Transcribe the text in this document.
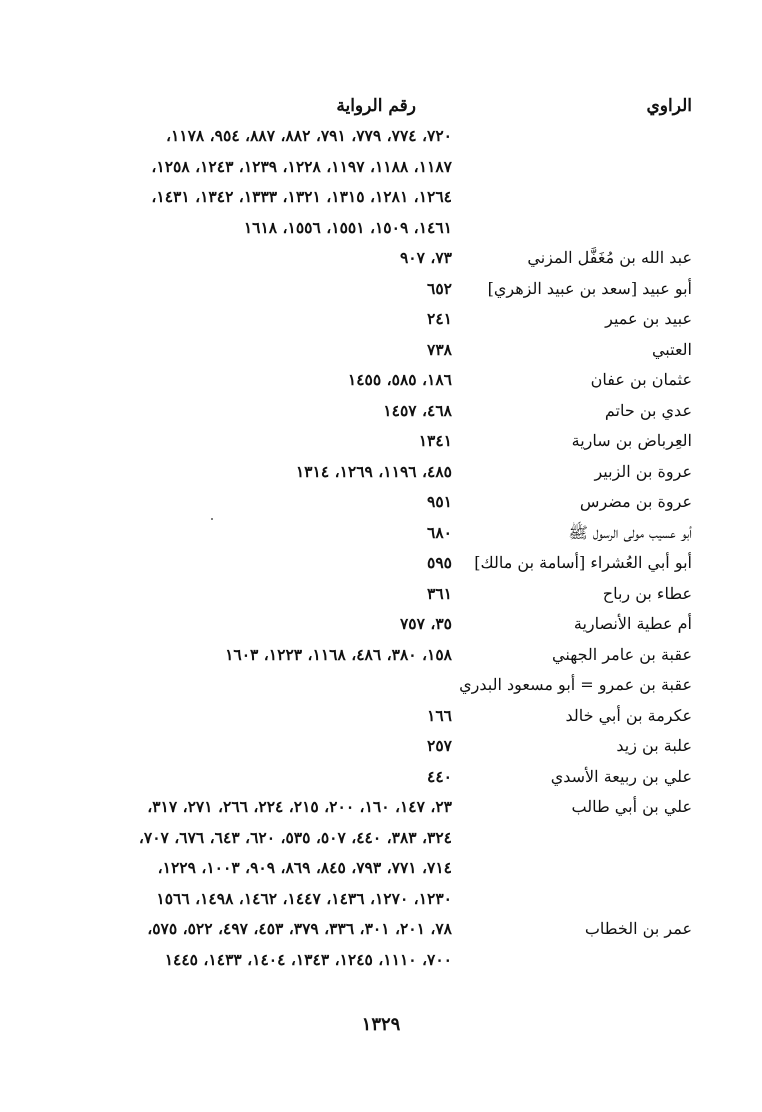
الراوي
رقم الرواية
٧٢٠، ٧٧٤، ٧٧٩، ٧٩١، ٨٨٢، ٨٨٧، ٩٥٤، ١١٧٨،
١١٨٧، ١١٨٨، ١١٩٧، ١٢٢٨، ١٢٣٩، ١٢٤٣، ١٢٥٨،
١٢٦٤، ١٢٨١، ١٣١٥، ١٣٢١، ١٣٣٣، ١٣٤٢، ١٤٣١،
١٤٦١، ١٥٠٩، ١٥٥١، ١٥٥٦، ١٦١٨
عبد الله بن مُغَفَّل المزني
٧٣، ٩٠٧
أبو عبيد [سعد بن عبيد الزهري]
٦٥٢
عبيد بن عمير
٢٤١
العتبي
٧٣٨
عثمان بن عفان
١٨٦، ٥٨٥، ١٤٥٥
عدي بن حاتم
٤٦٨، ١٤٥٧
العِرباض بن سارية
١٣٤١
عروة بن الزبير
٤٨٥، ١١٩٦، ١٢٦٩، ١٣١٤
عروة بن مضرس
٩٥١
أبو عسيب مولى الرسول ﷺ
٦٨٠
أبو أبي العُشراء [أسامة بن مالك]
٥٩٥
عطاء بن رباح
٣٦١
أم عطية الأنصارية
٣٥، ٧٥٧
عقبة بن عامر الجهني
١٥٨، ٣٨٠، ٤٨٦، ١١٦٨، ١٢٢٣، ١٦٠٣
عقبة بن عمرو = أبو مسعود البدري
عكرمة بن أبي خالد
١٦٦
علبة بن زيد
٢٥٧
علي بن ربيعة الأسدي
٤٤٠
علي بن أبي طالب
٢٣، ١٤٧، ١٦٠، ٢٠٠، ٢١٥، ٢٢٤، ٢٦٦، ٢٧١، ٣١٧،
٣٢٤، ٣٨٣، ٤٤٠، ٥٠٧، ٥٣٥، ٦٢٠، ٦٤٣، ٦٧٦، ٧٠٧،
٧١٤، ٧٧١، ٧٩٣، ٨٤٥، ٨٦٩، ٩٠٩، ١٠٠٣، ١٢٢٩،
١٢٣٠، ١٢٧٠، ١٤٣٦، ١٤٤٧، ١٤٦٢، ١٤٩٨، ١٥٦٦
عمر بن الخطاب
٧٨، ٢٠١، ٣٠١، ٣٣٦، ٣٧٩، ٤٥٣، ٤٩٧، ٥٢٢، ٥٧٥،
٧٠٠، ١١١٠، ١٢٤٥، ١٣٤٣، ١٤٠٤، ١٤٣٣، ١٤٤٥
١٣٢٩
